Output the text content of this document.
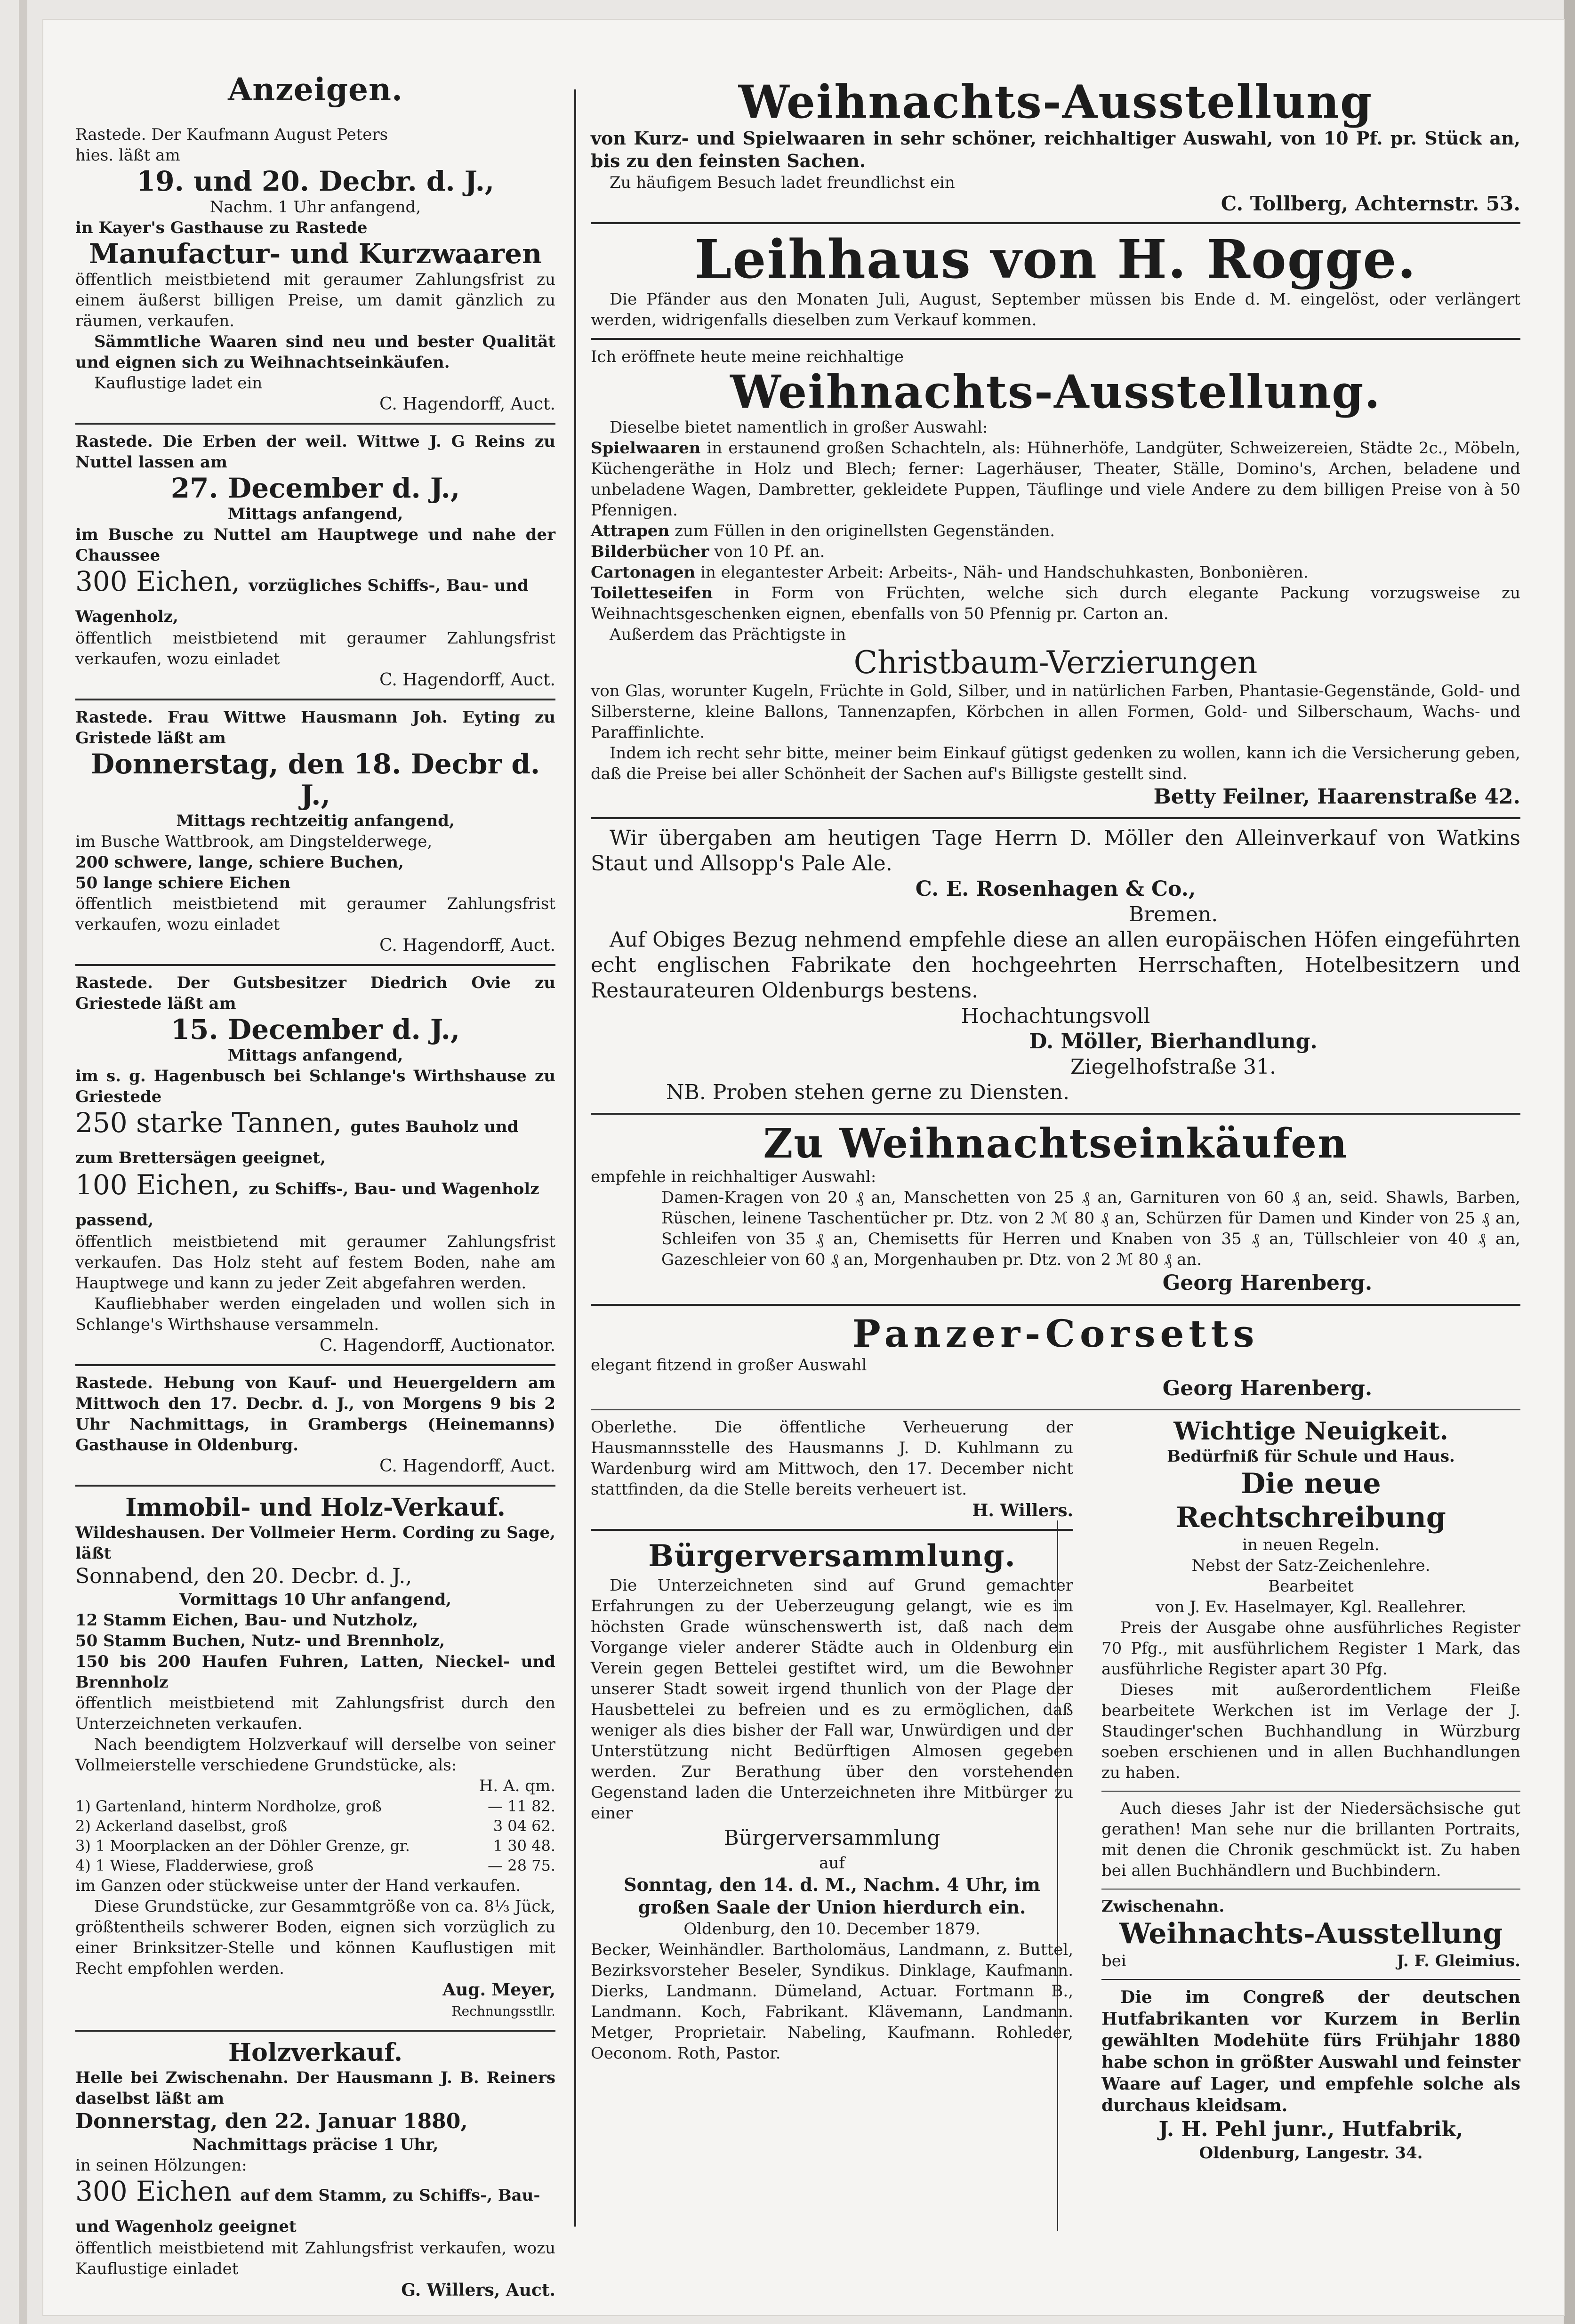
Anzeigen.

Rastede. Der Kaufmann August Peters

hies. läßt am

19. und 20. Decbr. d. J.,

Nachm. 1 Uhr anfangend,

in Kayer's Gasthause zu Rastede

Manufactur- und Kurzwaaren

öffentlich meistbietend mit geraumer Zahlungsfrist zu einem äußerst billigen Preise, um damit gänzlich zu räumen, verkaufen.

Sämmtliche Waaren sind neu und bester Qualität und eignen sich zu Weihnachtseinkäufen.

Kauflustige ladet ein

C. Hagendorff, Auct.

Rastede. Die Erben der weil. Wittwe J. G Reins zu Nuttel lassen am

27. December d. J.,

Mittags anfangend,

im Busche zu Nuttel am Hauptwege und nahe der Chaussee

300 Eichen, vorzügliches Schiffs-, Bau- und Wagenholz,

öffentlich meistbietend mit geraumer Zahlungsfrist verkaufen, wozu einladet

C. Hagendorff, Auct.

Rastede. Frau Wittwe Hausmann Joh. Eyting zu Gristede läßt am

Donnerstag, den 18. Decbr d. J.,

Mittags rechtzeitig anfangend,

im Busche Wattbrook, am Dingstelderwege,

200 schwere, lange, schiere Buchen,

50 lange schiere Eichen

öffentlich meistbietend mit geraumer Zahlungsfrist verkaufen, wozu einladet

C. Hagendorff, Auct.

Rastede. Der Gutsbesitzer Diedrich Ovie zu Griestede läßt am

15. December d. J.,

Mittags anfangend,

im s. g. Hagenbusch bei Schlange's Wirthshause zu Griestede

250 starke Tannen, gutes Bauholz und zum Brettersägen geeignet,

100 Eichen, zu Schiffs-, Bau- und Wagenholz passend,

öffentlich meistbietend mit geraumer Zahlungsfrist verkaufen. Das Holz steht auf festem Boden, nahe am Hauptwege und kann zu jeder Zeit abgefahren werden.

Kaufliebhaber werden eingeladen und wollen sich in Schlange's Wirthshause versammeln.

C. Hagendorff, Auctionator.

Rastede. Hebung von Kauf- und Heuergeldern am Mittwoch den 17. Decbr. d. J., von Morgens 9 bis 2 Uhr Nachmittags, in Grambergs (Heinemanns) Gasthause in Oldenburg.

C. Hagendorff, Auct.

Immobil- und Holz-Verkauf.

Wildeshausen. Der Vollmeier Herm. Cording zu Sage, läßt

Sonnabend, den 20. Decbr. d. J.,

Vormittags 10 Uhr anfangend,

12 Stamm Eichen, Bau- und Nutzholz,

50 Stamm Buchen, Nutz- und Brennholz,

150 bis 200 Haufen Fuhren, Latten, Nieckel- und Brennholz

öffentlich meistbietend mit Zahlungsfrist durch den Unterzeichneten verkaufen.

Nach beendigtem Holzverkauf will derselbe von seiner Vollmeierstelle verschiedene Grundstücke, als:

H. A. qm.

1) Gartenland, hinterm Nordholze, groß	— 11 82.
2) Ackerland daselbst, groß	3 04 62.
3) 1 Moorplacken an der Döhler Grenze, gr.	1 30 48.
4) 1 Wiese, Fladderwiese, groß	— 28 75.

im Ganzen oder stückweise unter der Hand verkaufen.

Diese Grundstücke, zur Gesammtgröße von ca. 8¹⁄₃ Jück, größtentheils schwerer Boden, eignen sich vorzüglich zu einer Brinksitzer-Stelle und können Kauflustigen mit Recht empfohlen werden.

Aug. Meyer,

Rechnungsstllr.

Holzverkauf.

Helle bei Zwischenahn. Der Hausmann J. B. Reiners daselbst läßt am

Donnerstag, den 22. Januar 1880,

Nachmittags präcise 1 Uhr,

in seinen Hölzungen:

300 Eichen auf dem Stamm, zu Schiffs-, Bau- und Wagenholz geeignet

öffentlich meistbietend mit Zahlungsfrist verkaufen, wozu Kauflustige einladet

G. Willers, Auct.

Weihnachts-Ausstellung

von Kurz- und Spielwaaren in sehr schöner, reichhaltiger Auswahl, von 10 Pf. pr. Stück an, bis zu den feinsten Sachen.

Zu häufigem Besuch ladet freundlichst ein

C. Tollberg, Achternstr. 53.

Leihhaus von H. Rogge.

Die Pfänder aus den Monaten Juli, August, September müssen bis Ende d. M. eingelöst, oder verlängert werden, widrigenfalls dieselben zum Verkauf kommen.

Ich eröffnete heute meine reichhaltige

Weihnachts-Ausstellung.

Dieselbe bietet namentlich in großer Auswahl:

Spielwaaren in erstaunend großen Schachteln, als: Hühnerhöfe, Landgüter, Schweizereien, Städte 2c., Möbeln, Küchengeräthe in Holz und Blech; ferner: Lagerhäuser, Theater, Ställe, Domino's, Archen, beladene und unbeladene Wagen, Dambretter, gekleidete Puppen, Täuflinge und viele Andere zu dem billigen Preise von à 50 Pfennigen.

Attrapen zum Füllen in den originellsten Gegenständen.

Bilderbücher von 10 Pf. an.

Cartonagen in elegantester Arbeit: Arbeits-, Näh- und Handschuhkasten, Bonbonièren.

Toiletteseifen in Form von Früchten, welche sich durch elegante Packung vorzugsweise zu Weihnachtsgeschenken eignen, ebenfalls von 50 Pfennig pr. Carton an.

Außerdem das Prächtigste in

Christbaum-Verzierungen

von Glas, worunter Kugeln, Früchte in Gold, Silber, und in natürlichen Farben, Phantasie-Gegenstände, Gold- und Silbersterne, kleine Ballons, Tannenzapfen, Körbchen in allen Formen, Gold- und Silberschaum, Wachs- und Paraffinlichte.

Indem ich recht sehr bitte, meiner beim Einkauf gütigst gedenken zu wollen, kann ich die Versicherung geben, daß die Preise bei aller Schönheit der Sachen auf's Billigste gestellt sind.

Betty Feilner, Haarenstraße 42.

Wir übergaben am heutigen Tage Herrn D. Möller den Alleinverkauf von Watkins Staut und Allsopp's Pale Ale.

C. E. Rosenhagen & Co.,

Bremen.

Auf Obiges Bezug nehmend empfehle diese an allen europäischen Höfen eingeführten echt englischen Fabrikate den hochgeehrten Herrschaften, Hotelbesitzern und Restaurateuren Oldenburgs bestens.

Hochachtungsvoll

D. Möller, Bierhandlung.

Ziegelhofstraße 31.

NB. Proben stehen gerne zu Diensten.

Zu Weihnachtseinkäufen

empfehle in reichhaltiger Auswahl:

Damen-Kragen von 20 ₰ an, Manschetten von 25 ₰ an, Garnituren von 60 ₰ an, seid. Shawls, Barben, Rüschen, leinene Taschentücher pr. Dtz. von 2 ℳ 80 ₰ an, Schürzen für Damen und Kinder von 25 ₰ an, Schleifen von 35 ₰ an, Chemisetts für Herren und Knaben von 35 ₰ an, Tüllschleier von 40 ₰ an, Gazeschleier von 60 ₰ an, Morgenhauben pr. Dtz. von 2 ℳ 80 ₰ an.

Georg Harenberg.

Panzer-Corsetts

elegant fitzend in großer Auswahl

Georg Harenberg.

Oberlethe. Die öffentliche Verheuerung der Hausmannsstelle des Hausmanns J. D. Kuhlmann zu Wardenburg wird am Mittwoch, den 17. December nicht stattfinden, da die Stelle bereits verheuert ist.

H. Willers.

Bürgerversammlung.

Die Unterzeichneten sind auf Grund gemachter Erfahrungen zu der Ueberzeugung gelangt, wie es im höchsten Grade wünschenswerth ist, daß nach dem Vorgange vieler anderer Städte auch in Oldenburg ein Verein gegen Bettelei gestiftet wird, um die Bewohner unserer Stadt soweit irgend thunlich von der Plage der Hausbettelei zu befreien und es zu ermöglichen, daß weniger als dies bisher der Fall war, Unwürdigen und der Unterstützung nicht Bedürftigen Almosen gegeben werden. Zur Berathung über den vorstehenden Gegenstand laden die Unterzeichneten ihre Mitbürger zu einer

Bürgerversammlung

auf

Sonntag, den 14. d. M., Nachm. 4 Uhr, im großen Saale der Union hierdurch ein.

Oldenburg, den 10. December 1879.

Becker, Weinhändler. Bartholomäus, Landmann, z. Buttel, Bezirksvorsteher Beseler, Syndikus. Dinklage, Kaufmann. Dierks, Landmann. Dümeland, Actuar. Fortmann B., Landmann. Koch, Fabrikant. Klävemann, Landmann. Metger, Proprietair. Nabeling, Kaufmann. Rohleder, Oeconom. Roth, Pastor.

Wichtige Neuigkeit.

Bedürfniß für Schule und Haus.

Die neue Rechtschreibung

in neuen Regeln.

Nebst der Satz-Zeichenlehre.

Bearbeitet

von J. Ev. Haselmayer, Kgl. Reallehrer.

Preis der Ausgabe ohne ausführliches Register 70 Pfg., mit ausführlichem Register 1 Mark, das ausführliche Register apart 30 Pfg.

Dieses mit außerordentlichem Fleiße bearbeitete Werkchen ist im Verlage der J. Staudinger'schen Buchhandlung in Würzburg soeben erschienen und in allen Buchhandlungen zu haben.

Auch dieses Jahr ist der Niedersächsische gut gerathen! Man sehe nur die brillanten Portraits, mit denen die Chronik geschmückt ist. Zu haben bei allen Buchhändlern und Buchbindern.

Zwischenahn.

Weihnachts-Ausstellung

bei	J. F. Gleimius.

Die im Congreß der deutschen Hutfabrikanten vor Kurzem in Berlin gewählten Modehüte fürs Frühjahr 1880 habe schon in größter Auswahl und feinster Waare auf Lager, und empfehle solche als durchaus kleidsam.

J. H. Pehl junr., Hutfabrik,

Oldenburg, Langestr. 34.
